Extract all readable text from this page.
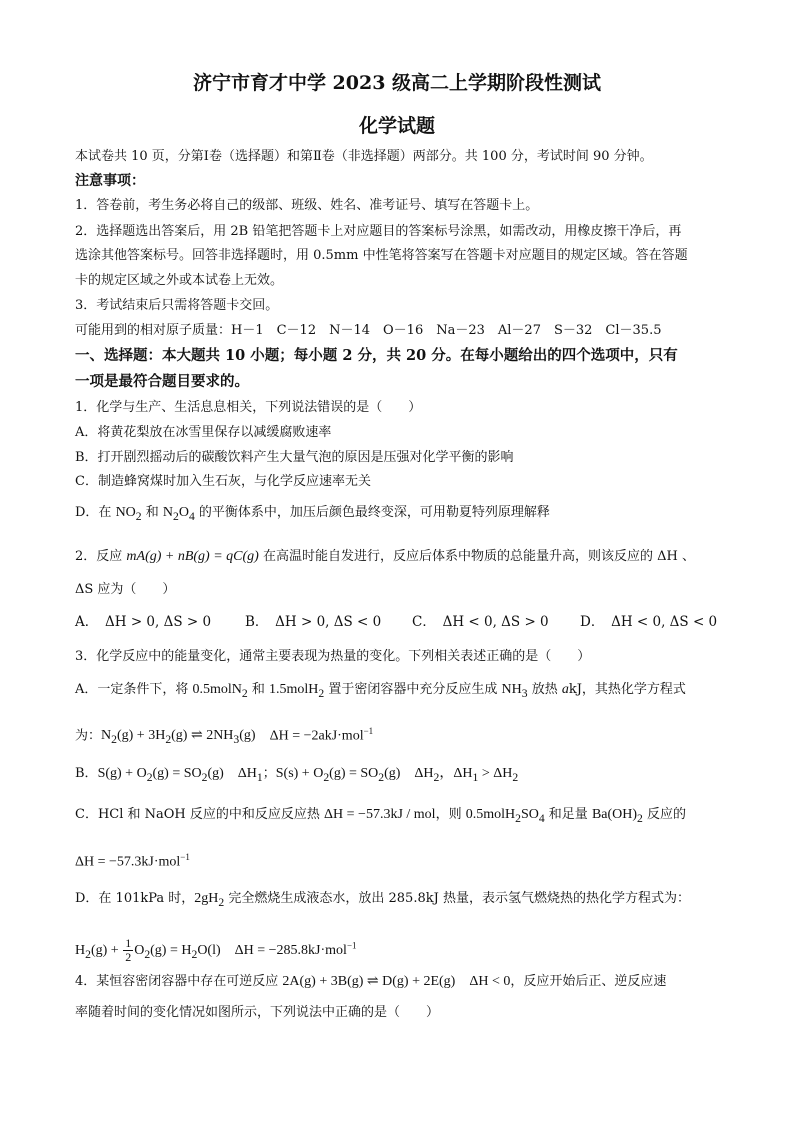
济宁市育才中学 2023 级高二上学期阶段性测试
化学试题
本试卷共 10 页，分第Ⅰ卷（选择题）和第Ⅱ卷（非选择题）两部分。共 100 分，考试时间 90 分钟。
注意事项：
1．答卷前，考生务必将自己的级部、班级、姓名、准考证号、填写在答题卡上。
2．选择题选出答案后，用 2B 铅笔把答题卡上对应题目的答案标号涂黑，如需改动，用橡皮擦干净后，再
选涂其他答案标号。回答非选择题时，用 0.5mm 中性笔将答案写在答题卡对应题目的规定区域。答在答题
卡的规定区域之外或本试卷上无效。
3．考试结束后只需将答题卡交回。
可能用到的相对原子质量：H－1　C－12　N－14　O－16　Na－23　Al－27　S－32　Cl－35.5
一、选择题：本大题共 10 小题；每小题 2 分，共 20 分。在每小题给出的四个选项中，只有
一项是最符合题目要求的。
1．化学与生产、生活息息相关，下列说法错误的是（　　）
A．将黄花梨放在冰雪里保存以减缓腐败速率
B．打开剧烈摇动后的碳酸饮料产生大量气泡的原因是压强对化学平衡的影响
C．制造蜂窝煤时加入生石灰，与化学反应速率无关
D．在 $NO_2$ 和 $N_2O_4$ 的平衡体系中，加压后颜色最终变深，可用勒夏特列原理解释
2．反应 mA(g) + nB(g) = qC(g) 在高温时能自发进行，反应后体系中物质的总能量升高，则该反应的 ΔH 、
ΔS 应为（　　）
A．　ΔH > 0, ΔS > 0	B．　ΔH > 0, ΔS < 0 C．　ΔH < 0, ΔS > 0 D．　ΔH < 0, ΔS < 0
3．化学反应中的能量变化，通常主要表现为热量的变化。下列相关表述正确的是（　　）
A．一定条件下，将 0.5molN$_2$ 和 1.5molH$_2$ 置于密闭容器中充分反应生成 $NH_3$ 放热 akJ，其热化学方程式
为：$N_2(g) + 3H_2(g)$ ⇌ $2NH_3(g)$　ΔH = −2akJ·mol$^{-1}$
B．$S(g) + O_2(g) = SO_2(g)$　$\Delta H_1$；$S(s) + O_2(g) = SO_2(g)$　$\Delta H_2$，$\Delta H_1 > \Delta H_2$
C．HCl 和 NaOH 反应的中和反应反应热 ΔH = −57.3kJ / mol，则 $0.5molH_2SO_4$ 和足量 $Ba(OH)_2$ 反应的
ΔH = −57.3kJ·mol$^{-1}$
D．在 101kPa 时，$2gH_2$ 完全燃烧生成液态水，放出 285.8kJ 热量，表示氢气燃烧热的热化学方程式为：
$H_2(g) + \frac{1}{2} O_2(g) = H_2O(l)$　ΔH = −285.8kJ·mol$^{-1}$
4．某恒容密闭容器中存在可逆反应 2A(g) + 3B(g) ⇌ D(g) + 2E(g)　ΔH < 0，反应开始后正、逆反应速
率随着时间的变化情况如图所示，下列说法中正确的是（　　）
